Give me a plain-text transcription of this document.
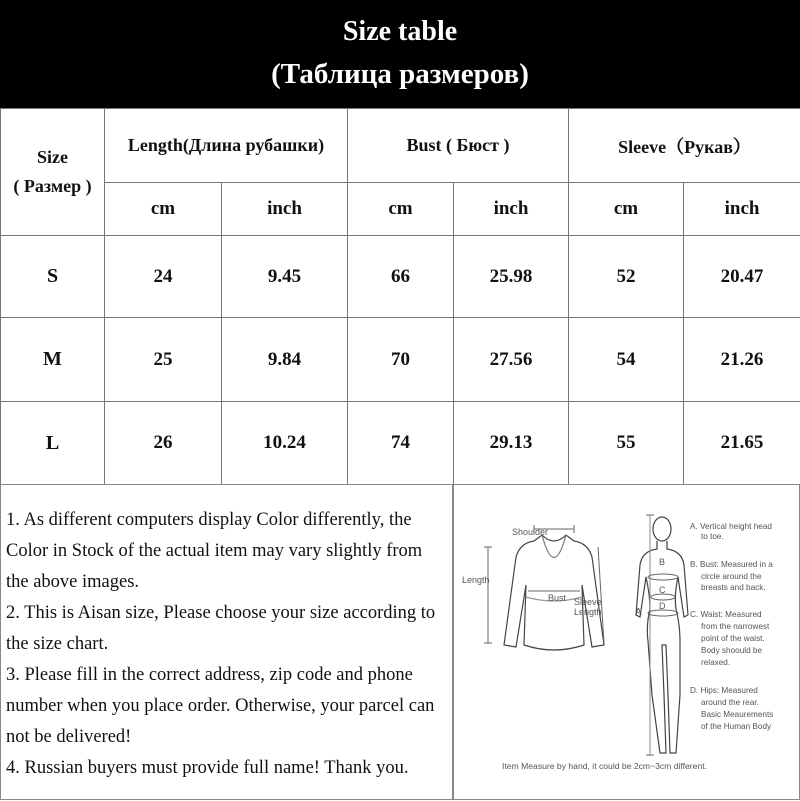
Size table
(Таблица размеров)
Size
( Размер )	Length(Длина рубашки)		Bust ( Бюст )		Sleeve（Рукав）	
	cm	inch	cm	inch	cm	inch
S	24	9.45	66	25.98	52	20.47
M	25	9.84	70	27.56	54	21.26
L	26	10.24	74	29.13	55	21.65
1. As different computers display Color differently, the Color in Stock of the actual item may vary slightly from the above images.
2. This is Aisan size, Please choose your size according to the size chart.
3. Please fill in the correct address, zip code and phone number when you place order. Otherwise, your parcel can not be delivered!
4. Russian buyers must provide full name! Thank you.
Shoulder
Length
Bust Sleeve
Length	A
B
C
D
A. Vertical height head
to toe.
B. Bust: Measured in a
circle around the
breasts and back.
C. Waist: Measured
from the narrowest
point of the waist.
Body shoould be
relaxed.
D. Hips: Measured
around the rear.
Basic Meaurements
of the Human Body
Item Measure by hand, it could be 2cm~3cm different.
